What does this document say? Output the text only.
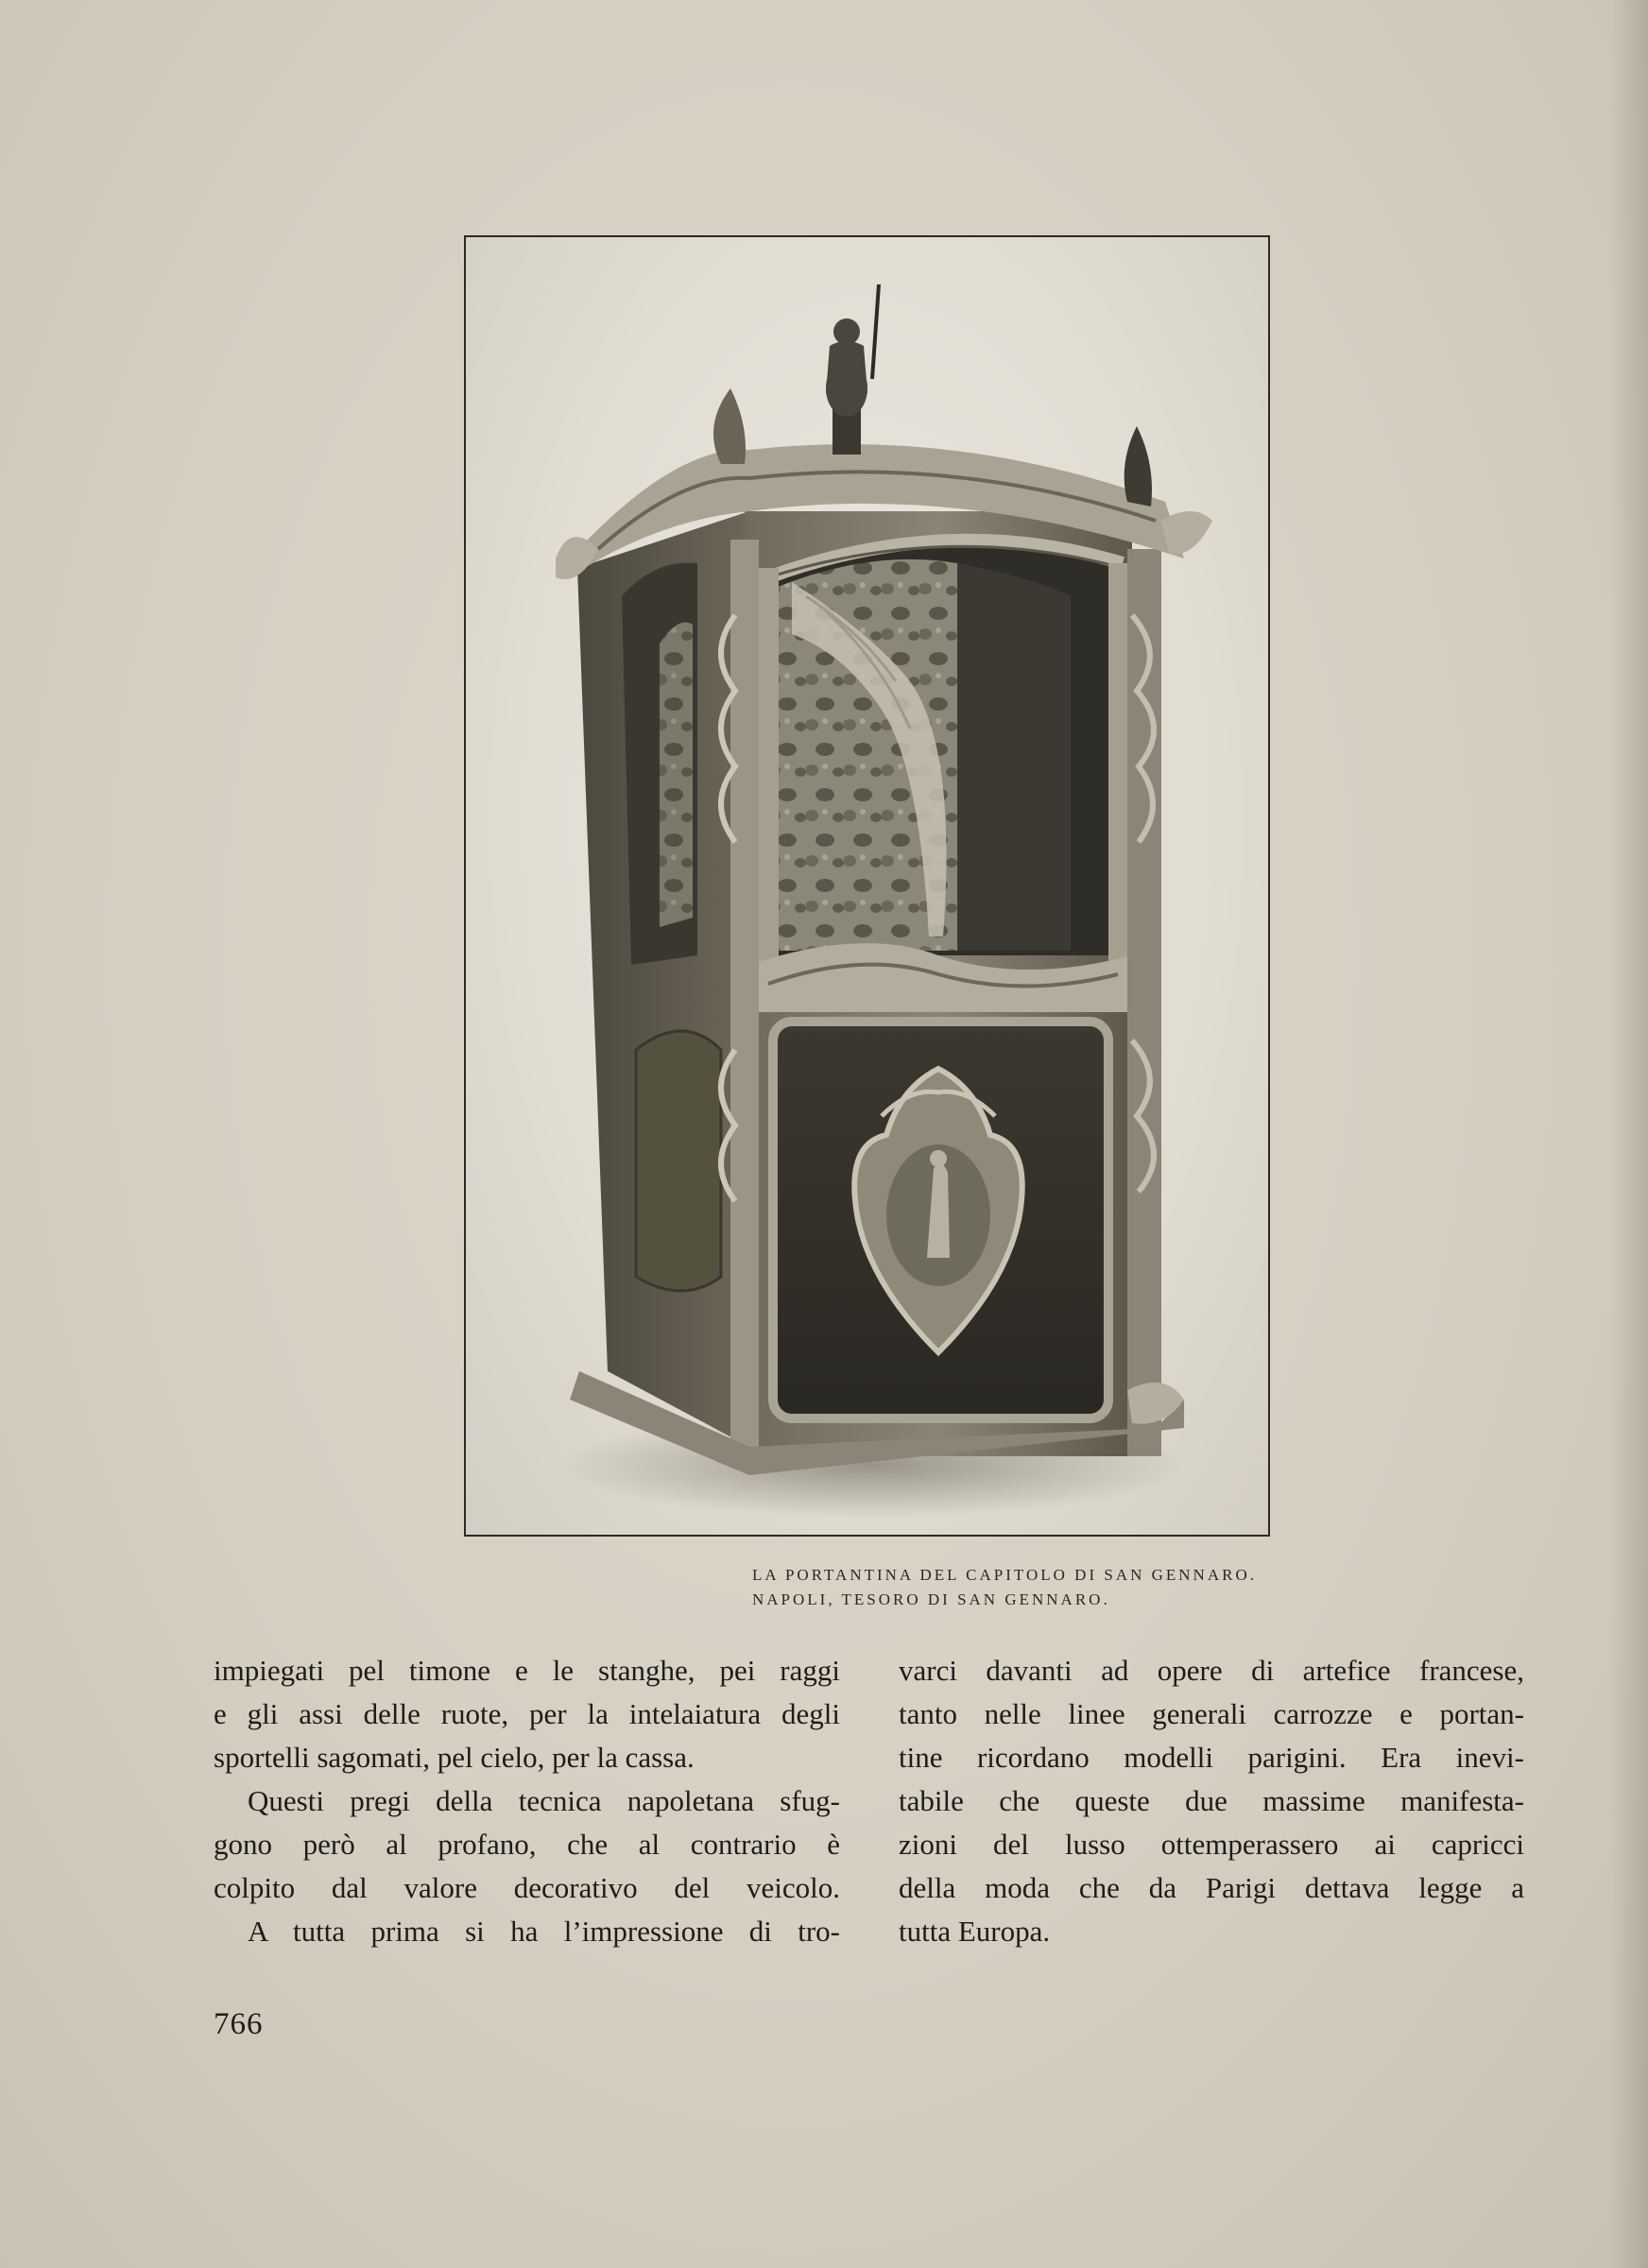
LA PORTANTINA DEL CAPITOLO DI SAN GENNARO.
NAPOLI, TESORO DI SAN GENNARO.
impiegati pel timone e le stanghe, pei raggi
e gli assi delle ruote, per la intelaiatura degli
sportelli sagomati, pel cielo, per la cassa.
Questi pregi della tecnica napoletana sfug-
gono però al profano, che al contrario è
colpito dal valore decorativo del veicolo.
A tutta prima si ha l’impressione di tro-
varci davanti ad opere di artefice francese,
tanto nelle linee generali carrozze e portan-
tine ricordano modelli parigini. Era inevi-
tabile che queste due massime manifesta-
zioni del lusso ottemperassero ai capricci
della moda che da Parigi dettava legge a
tutta Europa.
766
